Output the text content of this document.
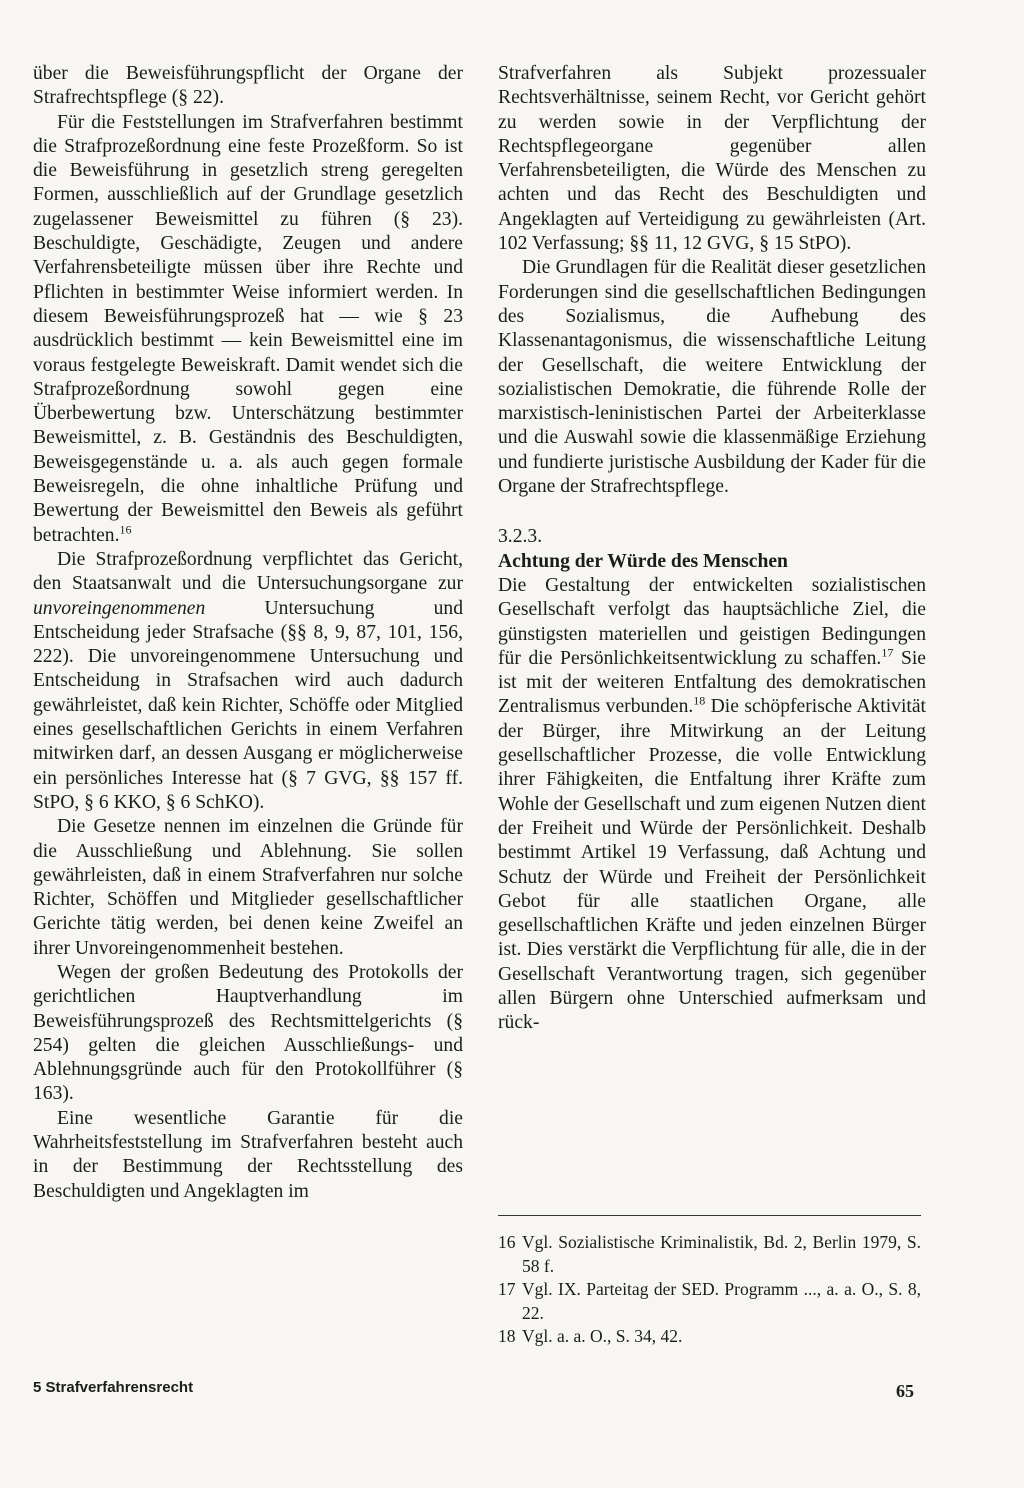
über die Beweisführungspflicht der Organe der Strafrechtspflege (§ 22).

Für die Feststellungen im Strafverfahren bestimmt die Strafprozeßordnung eine feste Prozeßform. So ist die Beweisführung in gesetzlich streng geregelten Formen, ausschließlich auf der Grundlage gesetzlich zugelassener Beweismittel zu führen (§ 23). Beschuldigte, Geschädigte, Zeugen und andere Verfahrensbeteiligte müssen über ihre Rechte und Pflichten in bestimmter Weise informiert werden. In diesem Beweisführungsprozeß hat — wie § 23 ausdrücklich bestimmt — kein Beweismittel eine im voraus festgelegte Beweiskraft. Damit wendet sich die Strafprozeßordnung sowohl gegen eine Überbewertung bzw. Unterschätzung bestimmter Beweismittel, z. B. Geständnis des Beschuldigten, Beweisgegenstände u. a. als auch gegen formale Beweisregeln, die ohne inhaltliche Prüfung und Bewertung der Beweismittel den Beweis als geführt betrachten.$^{16}$

Die Strafprozeßordnung verpflichtet das Gericht, den Staatsanwalt und die Untersuchungsorgane zur unvoreingenommenen Untersuchung und Entscheidung jeder Strafsache (§§ 8, 9, 87, 101, 156, 222). Die unvoreingenommene Untersuchung und Entscheidung in Strafsachen wird auch dadurch gewährleistet, daß kein Richter, Schöffe oder Mitglied eines gesellschaftlichen Gerichts in einem Verfahren mitwirken darf, an dessen Ausgang er möglicherweise ein persönliches Interesse hat (§ 7 GVG, §§ 157 ff. StPO, § 6 KKO, § 6 SchKO).

Die Gesetze nennen im einzelnen die Gründe für die Ausschließung und Ablehnung. Sie sollen gewährleisten, daß in einem Strafverfahren nur solche Richter, Schöffen und Mitglieder gesellschaftlicher Gerichte tätig werden, bei denen keine Zweifel an ihrer Unvoreingenommenheit bestehen.

Wegen der großen Bedeutung des Protokolls der gerichtlichen Hauptverhandlung im Beweisführungsprozeß des Rechtsmittelgerichts (§ 254) gelten die gleichen Ausschließungs- und Ablehnungsgründe auch für den Protokollführer (§ 163).

Eine wesentliche Garantie für die Wahrheitsfeststellung im Strafverfahren besteht auch in der Bestimmung der Rechtsstellung des Beschuldigten und Angeklagten im

Strafverfahren als Subjekt prozessualer Rechtsverhältnisse, seinem Recht, vor Gericht gehört zu werden sowie in der Verpflichtung der Rechtspflegeorgane gegenüber allen Verfahrensbeteiligten, die Würde des Menschen zu achten und das Recht des Beschuldigten und Angeklagten auf Verteidigung zu gewährleisten (Art. 102 Verfassung; §§ 11, 12 GVG, § 15 StPO).

Die Grundlagen für die Realität dieser gesetzlichen Forderungen sind die gesellschaftlichen Bedingungen des Sozialismus, die Aufhebung des Klassenantagonismus, die wissenschaftliche Leitung der Gesellschaft, die weitere Entwicklung der sozialistischen Demokratie, die führende Rolle der marxistisch-leninistischen Partei der Arbeiterklasse und die Auswahl sowie die klassenmäßige Erziehung und fundierte juristische Ausbildung der Kader für die Organe der Strafrechtspflege.

3.2.3.

Achtung der Würde des Menschen

Die Gestaltung der entwickelten sozialistischen Gesellschaft verfolgt das hauptsächliche Ziel, die günstigsten materiellen und geistigen Bedingungen für die Persönlichkeitsentwicklung zu schaffen.$^{17}$ Sie ist mit der weiteren Entfaltung des demokratischen Zentralismus verbunden.$^{18}$ Die schöpferische Aktivität der Bürger, ihre Mitwirkung an der Leitung gesellschaftlicher Prozesse, die volle Entwicklung ihrer Fähigkeiten, die Entfaltung ihrer Kräfte zum Wohle der Gesellschaft und zum eigenen Nutzen dient der Freiheit und Würde der Persönlichkeit. Deshalb bestimmt Artikel 19 Verfassung, daß Achtung und Schutz der Würde und Freiheit der Persönlichkeit Gebot für alle staatlichen Organe, alle gesellschaftlichen Kräfte und jeden einzelnen Bürger ist. Dies verstärkt die Verpflichtung für alle, die in der Gesellschaft Verantwortung tragen, sich gegenüber allen Bürgern ohne Unterschied aufmerksam und rück-

16 Vgl. Sozialistische Kriminalistik, Bd. 2, Berlin 1979, S. 58 f.
17 Vgl. IX. Parteitag der SED. Programm ..., a. a. O., S. 8, 22.
18 Vgl. a. a. O., S. 34, 42.
5 Strafverfahrensrecht	65
